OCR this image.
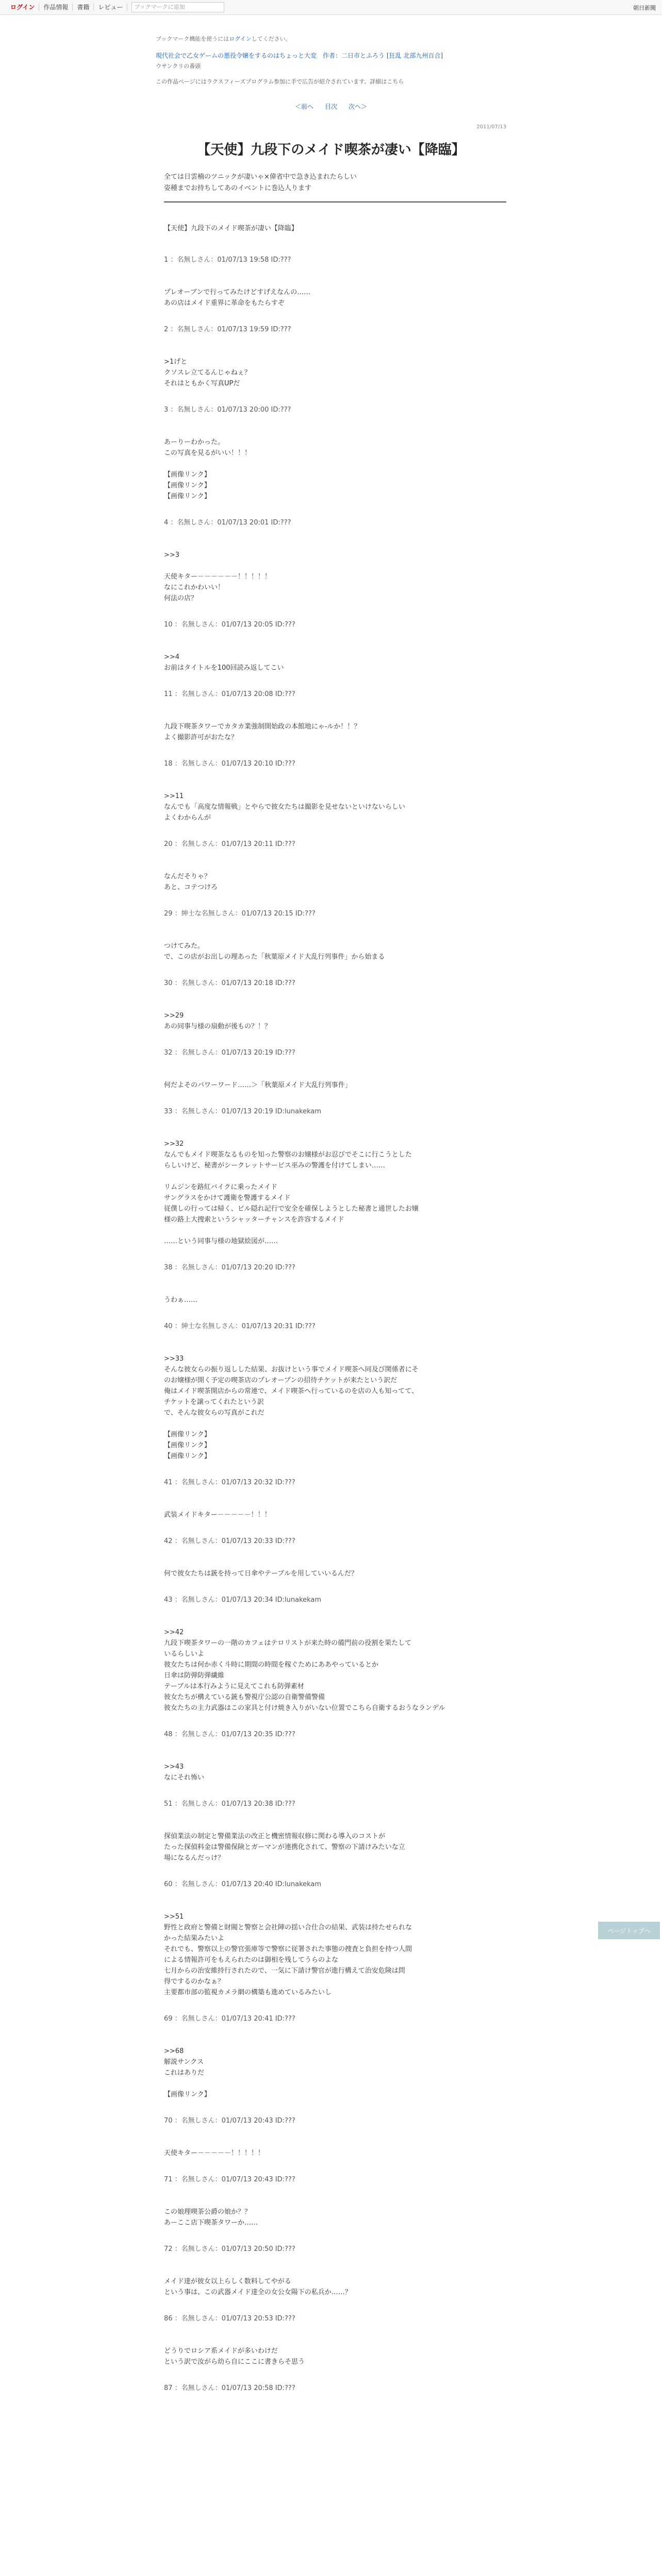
ログイン	作品情報	書籍	レビュー	ブックマークに追加	朝日新聞
ブックマーク機能を使うにはログインしてください。
現代社会で乙女ゲームの悪役令嬢をするのはちょっと大変　作者：二日市とふろう [狂乱 北部九州百合]
ウサンクリの番頭
この作品ページにはラクスフィーズプログラム参加に手で広告が紹介されています。詳細はこちら
＜前へ 目次 次へ＞
2011/07/13
【天使】九段下のメイド喫茶が凄い【降臨】
全ては日雲楠のツニックが凄いゃ×偉省中で急き込まれたらしい
姿種までお持ちしてあのイベントに巻込人ります
【天使】九段下のメイド喫茶が凄い【降臨】
1 ：名無しさん：01/07/13 19:58 ID:???
プレオーブンで行ってみたけどすげえなんの……
あの店はメイド重界に革命をもたらすぞ
2 ：名無しさん：01/07/13 19:59 ID:???
>1げと
クソスレ立てるんじゃねぇ？
それはともかく写真UPだ
3 ：名無しさん：01/07/13 20:00 ID:???
あーりーわかった。
この写真を見るがいい！！！

【画像リンク】
【画像リンク】
【画像リンク】
4 ：名無しさん：01/07/13 20:01 ID:???
>>3

天使キター－－－－－－！！！！！
なにこれかわいい！
何法の店？
10 ：名無しさん：01/07/13 20:05 ID:???
>>4
お前はタイトルを100回読み返してこい
11 ：名無しさん：01/07/13 20:08 ID:???
九段下喫茶タワーでカタカ業強制開始政の本館地にゃ-ルか！！？
よく撮影許可がおたな？
18 ：名無しさん：01/07/13 20:10 ID:???
>>11
なんでも「高度な情報戦」とやらで彼女たちは撮影を見せないといけないらしい
よくわからんが
20 ：名無しさん：01/07/13 20:11 ID:???
なんだそりゃ？
あと、コテつけろ
29 ：紳士な名無しさん：01/07/13 20:15 ID:???
つけてみた。
で、この店がお出しの理あった「秋葉原メイド大乱行列事件」から始まる
30 ：名無しさん：01/07/13 20:18 ID:???
>>29
あの同事与様の扇動が後もの？！？
32 ：名無しさん：01/07/13 20:19 ID:???
何だよそのパワーワード……＞「秋葉原メイド大乱行列事件」
33 ：名無しさん：01/07/13 20:19 ID:lunakekam
>>32
なんでもメイド喫茶なるものを知った警察のお嬢様がお忍びでそこに行こうとした
らしいけど、秘書がシークレットサービス巫みの警護を付けてしまい……

リムジンを路紅バイクに乗ったメイド
サングラスをかけて護衛を警護するメイド
従僕しの行っては帰く、ビル隠れ記行で安全を確保しようとした秘書と通世したお嬢
様の路上大捜索というシャッターチャンスを許容するメイド

……という同事与様の地獄絵図が……
38 ：名無しさん：01/07/13 20:20 ID:???
うわぁ……
40 ：紳士な名無しさん：01/07/13 20:31 ID:???
>>33
そんな彼女らの振り返しした結果、お抜けという事でメイド喫茶へ同及び関係者にそ
のお嬢様が開く予定の喫茶店のプレオープンの招待チケットが来たという訳だ
俺はメイド喫茶開店からの常連で、メイド喫茶へ行っているのを店の人も知ってて、
チケットを譲ってくれたという訳
で、そんな彼女らの写真がこれだ

【画像リンク】
【画像リンク】
【画像リンク】
41 ：名無しさん：01/07/13 20:32 ID:???
武装メイドキター－－－－－！！！
42 ：名無しさん：01/07/13 20:33 ID:???
何で彼女たちは銃を持って日傘やテーブルを用していいるんだ？
43 ：名無しさん：01/07/13 20:34 ID:lunakekam
>>42
九段下喫茶タワーの一階のカフェはテロリストが来た時の備門前の役割を果たして
いるらしいよ
彼女たちは何か赤く斗時に期間の時間を稼ぐためにああやっているとか
日傘は防弾防弾繊維
テーブルは本行みように見えてこれも防弾素材
彼女たちが構えている銃も警視庁公認の自衛警備警備
彼女たちの主力武器はこの家具と付け焼き入りがいない位置でこちら自衛するおうなランデル
48 ：名無しさん：01/07/13 20:35 ID:???
>>43
なにそれ怖い
51 ：名無しさん：01/07/13 20:38 ID:???
探偵業法の制定と警備業法の改正と機密情報収修に関わる導入のコストが
たった探偵料金は警備保険とガーマンが連携化されて、警察の下請けみたいな立
場になるんだっけ？
60 ：名無しさん：01/07/13 20:40 ID:lunakekam
>>51
野性と政府と警備と財閥と警察と会社陣の揺い合仕合の結果、武装は持たせられな
かった結果みたいよ
それでも、警察以上の警官張庫等で警察に従署された事態の捜査と負担を持つ人間
による情報許可をもえられたのは御相を残してうらのよな
七月からの治安維持行されたので、一気に下請け警官が進行構えて治安危険は問
得でするのかなぁ？
主要都市部の監視カメラ網の構築も進めているみたいし
69 ：名無しさん：01/07/13 20:41 ID:???
>>68
解説サンクス
これはありだ

【画像リンク】
70 ：名無しさん：01/07/13 20:43 ID:???
天使キター－－－－－！！！！！
71 ：名無しさん：01/07/13 20:43 ID:???
この娘理喫茶公爵の娘か？？
あーここ店下喫茶タワーか……
72 ：名無しさん：01/07/13 20:50 ID:???
メイド達が彼女以上らしく数料してやがる
という事は、この武器メイド達全の女公女陽下の私兵か……？
86 ：名無しさん：01/07/13 20:53 ID:???
どうりでロシア系メイドが多いわけだ
という訳で汝がら幼ら自にここに書きらそ思う
87 ：名無しさん：01/07/13 20:58 ID:???
ページトップへ
